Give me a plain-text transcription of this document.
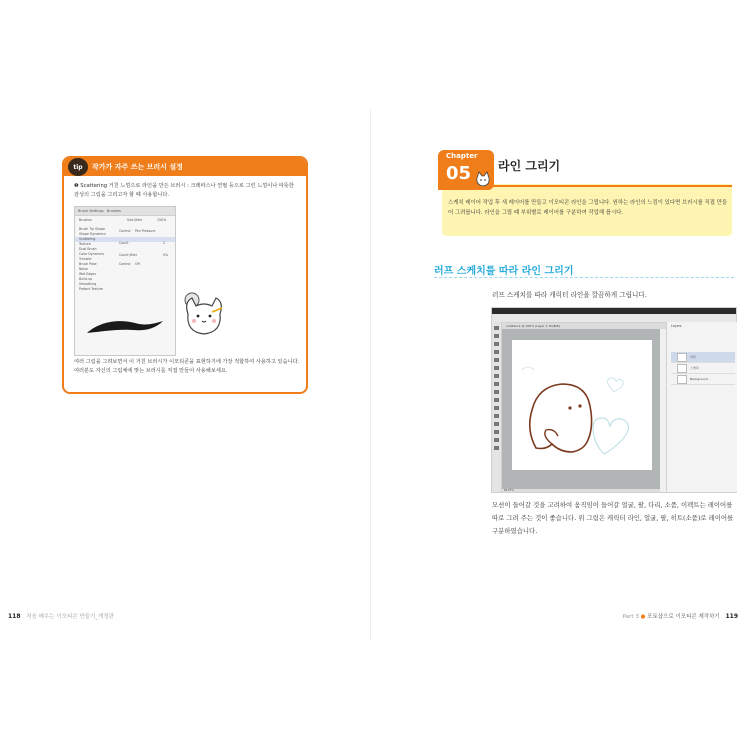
작가가 자주 쓰는 브러시 설정
tip
❶ Scattering 거친 느낌으로 라인을 만든 브러시 : 크레파스나 연필 등으로 그린 느낌이나 따뜻한 감성의 그림을 그리고자 할 때 사용합니다.
Brush Settings Brushes
Brushes	Size Jitter	150%
Brush Tip Shape
Shape Dynamics
Scattering
Texture
Dual Brush
Color Dynamics
Transfer
Brush Pose
Noise
Wet Edges
Build-up
Smoothing
Protect Texture
Control Pen Pressure
Count	2
Count Jitter	0%
Control Off
여러 그림을 그려보면서 이 거친 브러시가 이모티콘을 표현하기에 가장 적합하여 사용하고 있습니다. 여러분도 자신의 그림체에 맞는 브러시를 직접 만들어 사용해보세요.
118 처음 배우는 이모티콘 만들기_개정판
Chapter
05 라인 그리기
스케치 레이어 작업 후 새 레이어를 만들고 이모티콘 라인을 그립니다. 원하는 라인의 느낌이 있다면 브러시를 직접 만들어 그려봅니다. 라인을 그릴 때 부위별로 레이어를 구분하여 작업해 봅시다.
러프 스케치를 따라 라인 그리기
러프 스케치를 따라 캐릭터 라인을 깔끔하게 그립니다.
untitled-1 @ 100% (Layer 1, RGB/8)	Layers
라인
스케치
Background
66.67%
모션이 들어갈 것을 고려하여 움직임이 들어갈 얼굴, 팔, 다리, 소품, 이펙트는 레이어를 따로 그려 주는 것이 좋습니다. 위 그림은 캐릭터 라인, 얼굴, 팔, 히트(소품)로 레이어를 구분하였습니다.
Part 3 ● 포토샵으로 이모티콘 제작하기 119
